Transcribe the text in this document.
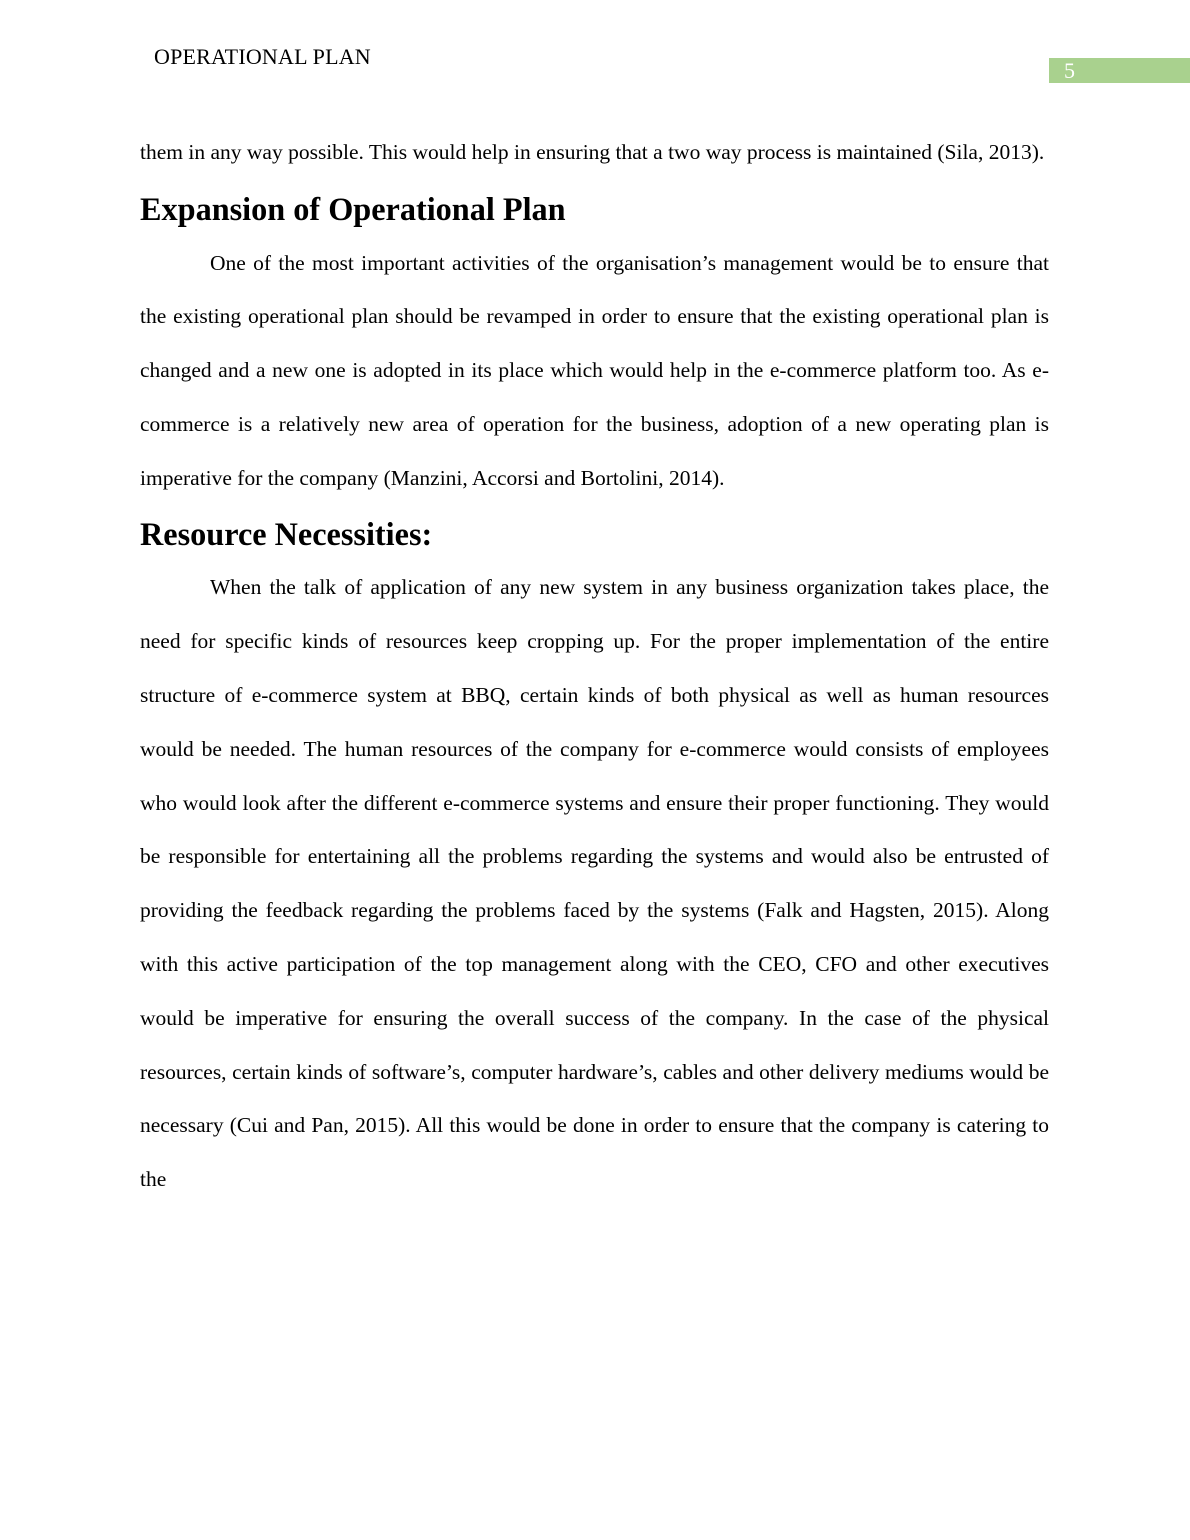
OPERATIONAL PLAN
5

them in any way possible. This would help in ensuring that a two way process is maintained (Sila, 2013).

Expansion of Operational Plan

One of the most important activities of the organisation’s management would be to ensure that the existing operational plan should be revamped in order to ensure that the existing operational plan is changed and a new one is adopted in its place which would help in the e-commerce platform too. As e-commerce is a relatively new area of operation for the business, adoption of a new operating plan is imperative for the company (Manzini, Accorsi and Bortolini, 2014).

Resource Necessities:

When the talk of application of any new system in any business organization takes place, the need for specific kinds of resources keep cropping up. For the proper implementation of the entire structure of e-commerce system at BBQ, certain kinds of both physical as well as human resources would be needed. The human resources of the company for e-commerce would consists of employees who would look after the different e-commerce systems and ensure their proper functioning. They would be responsible for entertaining all the problems regarding the systems and would also be entrusted of providing the feedback regarding the problems faced by the systems (Falk and Hagsten, 2015). Along with this active participation of the top management along with the CEO, CFO and other executives would be imperative for ensuring the overall success of the company. In the case of the physical resources, certain kinds of software’s, computer hardware’s, cables and other delivery mediums would be necessary (Cui and Pan, 2015). All this would be done in order to ensure that the company is catering to the
